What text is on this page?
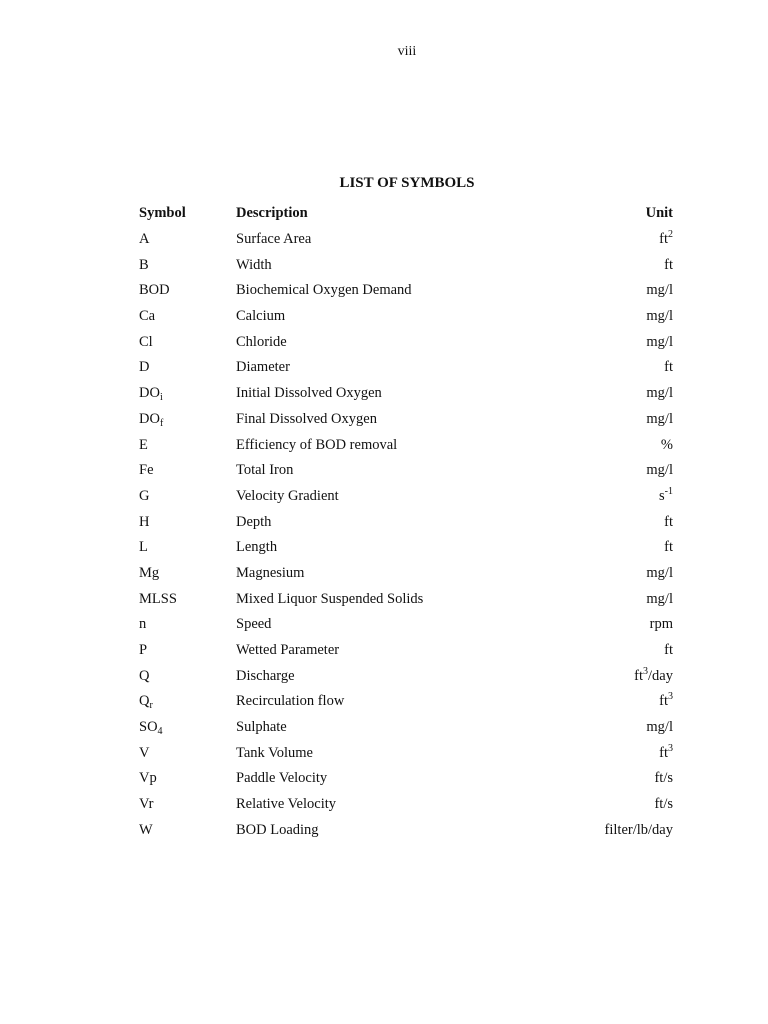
viii
LIST OF SYMBOLS
Symbol	Description	Unit
A	Surface Area	$ft^2$
B	Width	ft
BOD	Biochemical Oxygen Demand	mg/l
Ca	Calcium	mg/l
Cl	Chloride	mg/l
D	Diameter	ft
$DO_i$	Initial Dissolved Oxygen	mg/l
$DO_f$	Final Dissolved Oxygen	mg/l
E	Efficiency of BOD removal	%
Fe	Total Iron	mg/l
G	Velocity Gradient	$s^{-1}$
H	Depth	ft
L	Length	ft
Mg	Magnesium	mg/l
MLSS	Mixed Liquor Suspended Solids	mg/l
n	Speed	rpm
P	Wetted Parameter	ft
Q	Discharge	$ft^3$/day
$Q_r$	Recirculation flow	$ft^3$
$SO_4$	Sulphate	mg/l
V	Tank Volume	$ft^3$
Vp	Paddle Velocity	ft/s
Vr	Relative Velocity	ft/s
W	BOD Loading	filter/lb/day
